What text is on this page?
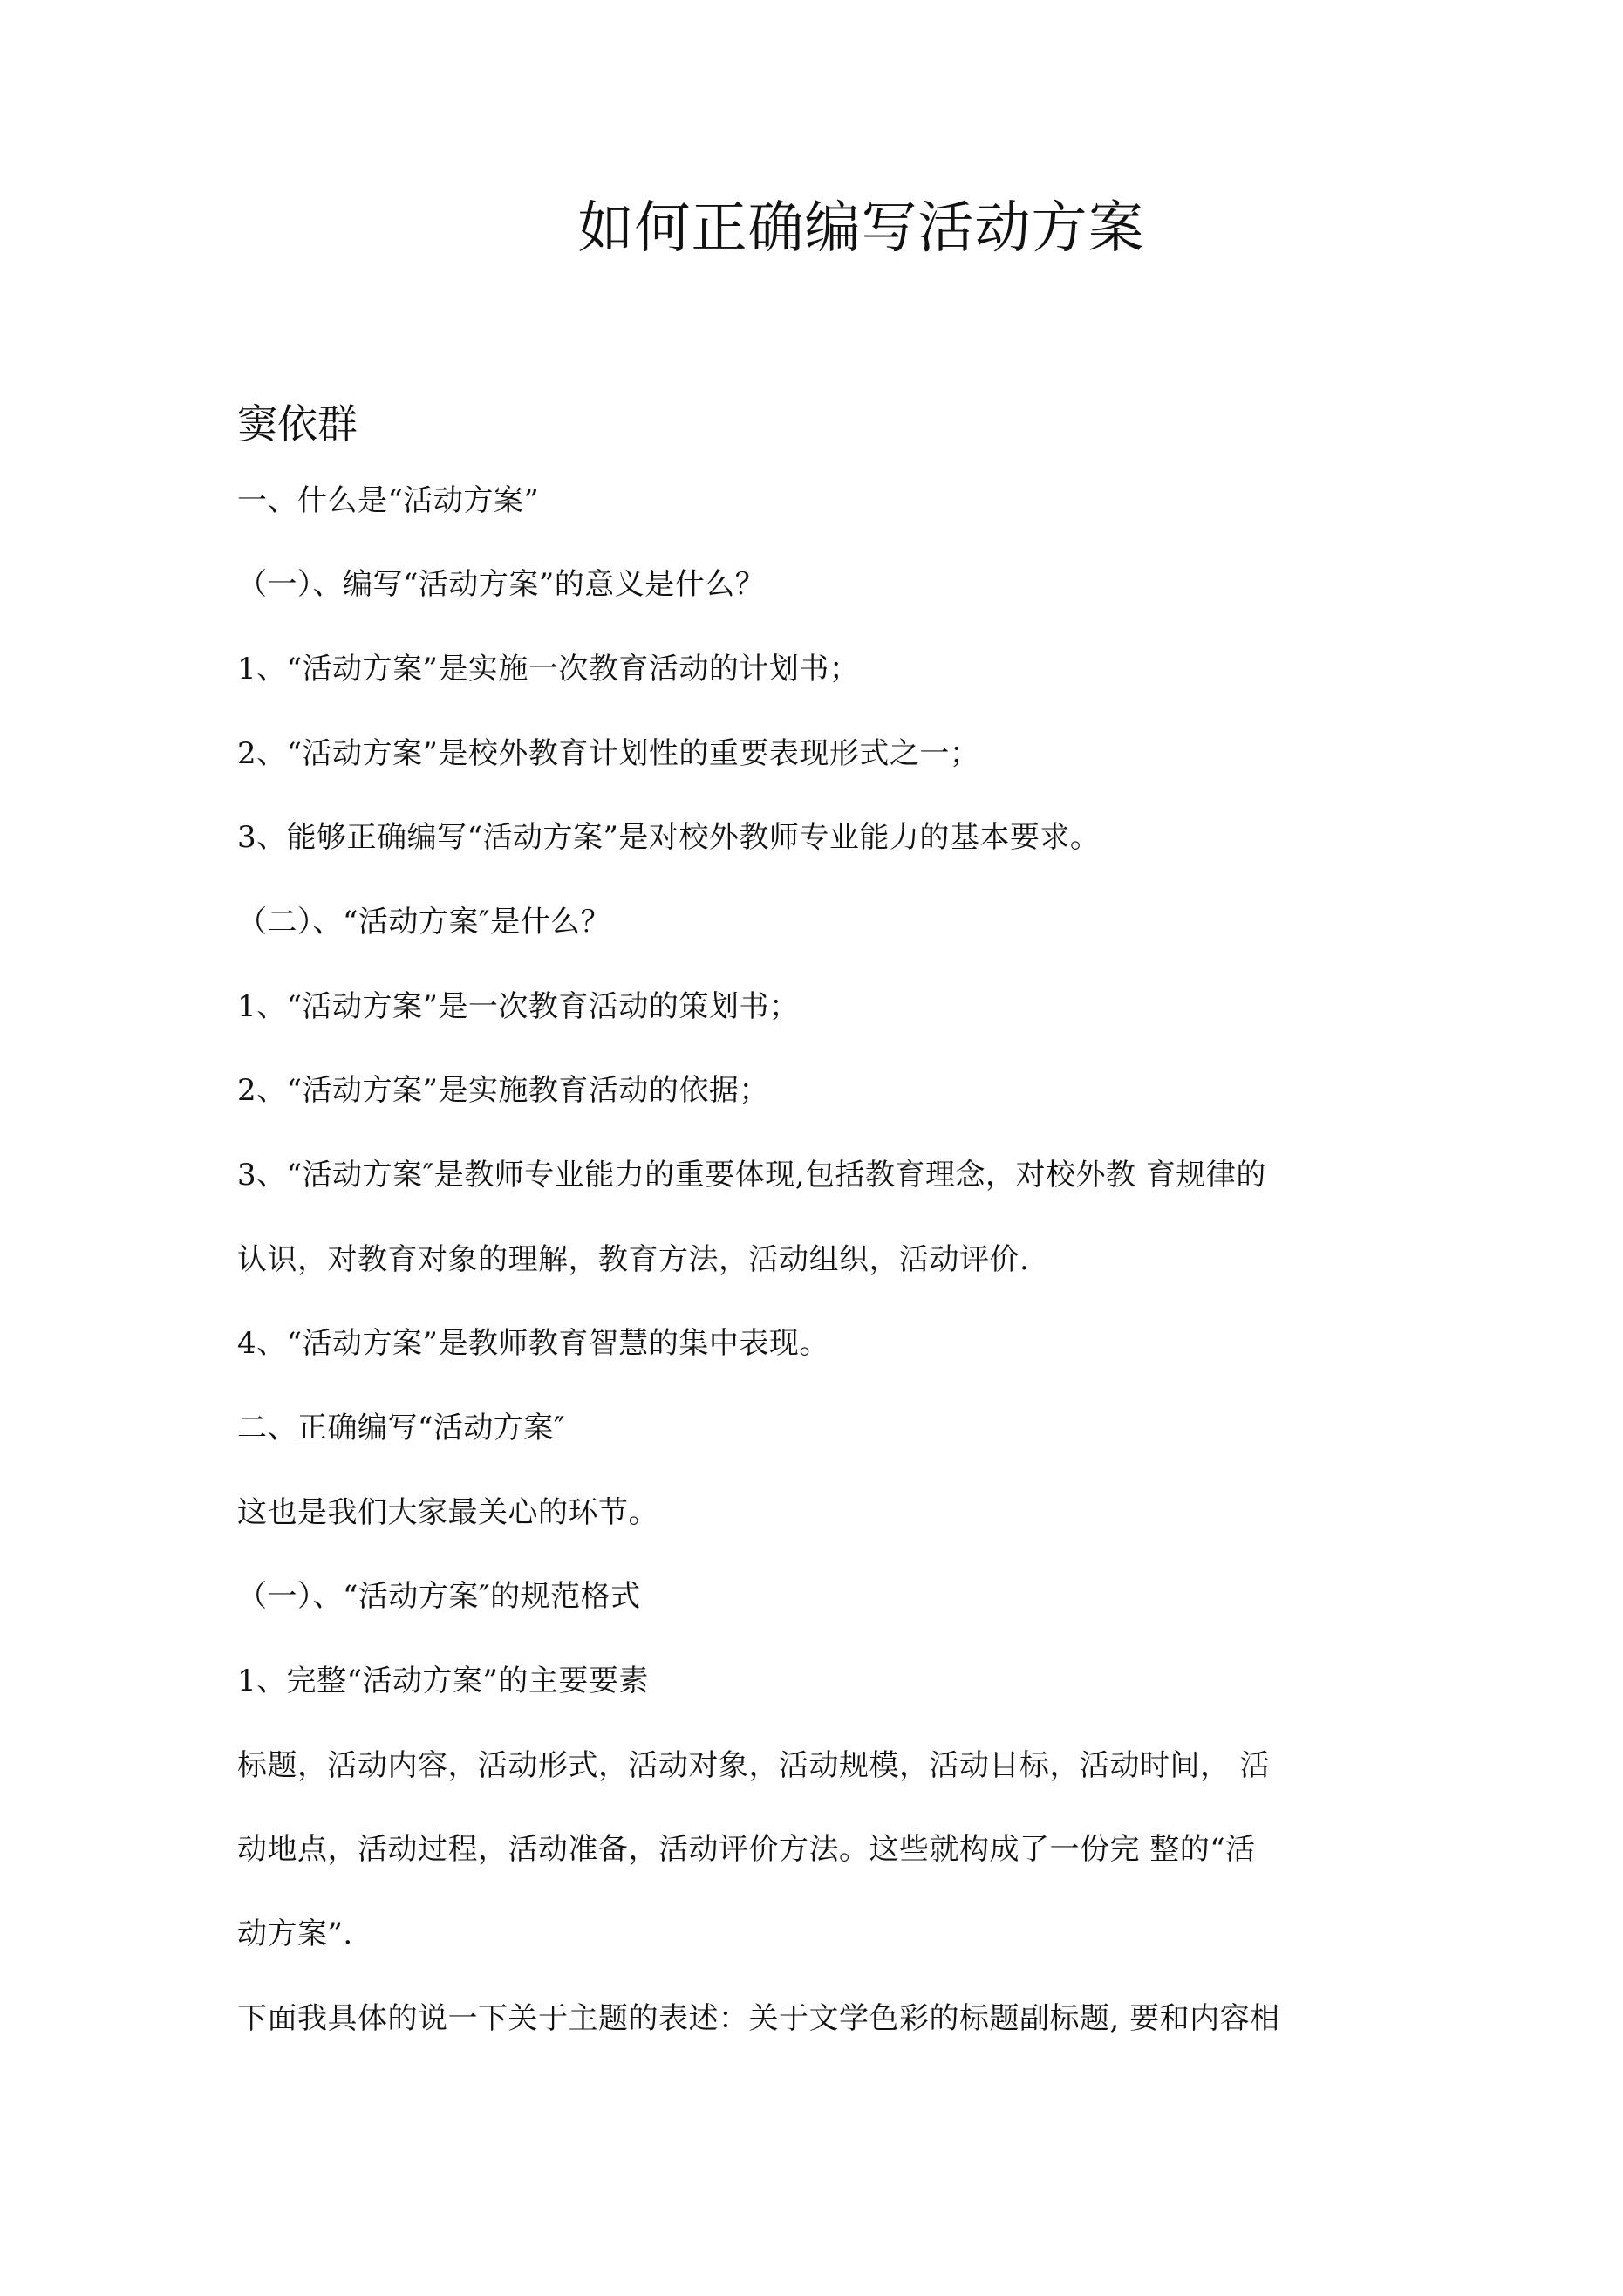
如何正确编写活动方案
窦依群
一、什么是“活动方案”
（一）、编写“活动方案”的意义是什么？
1、“活动方案”是实施一次教育活动的计划书；
2、“活动方案”是校外教育计划性的重要表现形式之一；
3、能够正确编写“活动方案”是对校外教师专业能力的基本要求。
（二）、“活动方案″是什么？
1、“活动方案”是一次教育活动的策划书；
2、“活动方案”是实施教育活动的依据；
3、“活动方案″是教师专业能力的重要体现,包括教育理念，对校外教 育规律的
认识，对教育对象的理解，教育方法，活动组织，活动评价.
4、“活动方案”是教师教育智慧的集中表现。
二、正确编写“活动方案″
这也是我们大家最关心的环节。
（一）、“活动方案″的规范格式
1、完整“活动方案”的主要要素
标题，活动内容，活动形式，活动对象，活动规模，活动目标，活动时间， 活
动地点，活动过程，活动准备，活动评价方法。这些就构成了一份完 整的“活
动方案”.
下面我具体的说一下关于主题的表述：关于文学色彩的标题副标题, 要和内容相
